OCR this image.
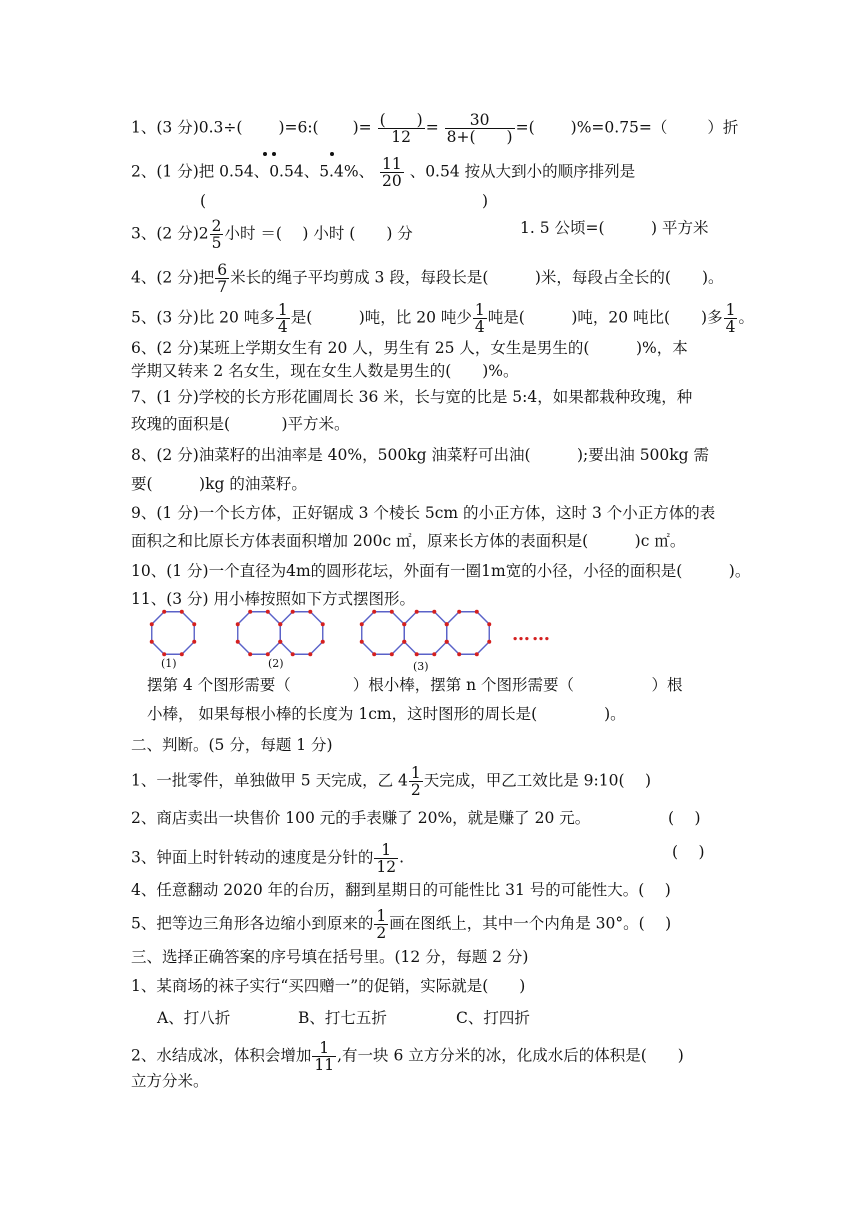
1、(3 分)0.3÷( )=6:( )= (　　)
12
= $\frac{30}{8+( )}$ =( )%=0.75=（	）折
2、(1 分)把 0.54、0.54、5.4%、 $\frac{11}{20}$ 、0.54 按从大到小的顺序排列是
(	)
3、(2 分)$2 \frac{2}{5}$ 小时 ＝(　 ) 小时 (　　) 分	1. 5 公顷=(　　　) 平方米
4、(2 分)把 $\frac{6}{7}$ 米长的绳子平均剪成 3 段，每段长是(　　　)米，每段占全长的(　　)。
5、(3 分)比 20 吨多 $\frac{1}{4}$ 是(　　　)吨，比 20 吨少 $\frac{1}{4}$ 吨是(　　　)吨，20 吨比(　　)多 $\frac{1}{4}$ 。
6、(2 分)某班上学期女生有 20 人，男生有 25 人，女生是男生的(　　　)%，本
学期又转来 2 名女生，现在女生人数是男生的(　　)%。
7、(1 分)学校的长方形花圃周长 36 米，长与宽的比是 5:4，如果都栽种玫瑰，种
玫瑰的面积是(　　　 )平方米。
8、(2 分)油菜籽的出油率是 40%，500kg 油菜籽可出油(　　　);要出油 500kg 需
要(　　　)kg 的油菜籽。
9、(1 分)一个长方体，正好锯成 3 个棱长 5cm 的小正方体，这时 3 个小正方体的表
面积之和比原长方体表面积增加 200c ㎡，原来长方体的表面积是(　　　)c ㎡。
10、(1 分)一个直径为4m的圆形花坛，外面有一圈1m宽的小径，小径的面积是(　　　)。
11、(3 分) 用小棒按照如下方式摆图形。
(1)	(2)	(3)
……
摆第 4 个图形需要（　　　　）根小棒，摆第 n 个图形需要（　　　　　）根
小棒， 如果每根小棒的长度为 1cm，这时图形的周长是(　　　　 )。
二、判断。(5 分，每题 1 分)
1、一批零件，单独做甲 5 天完成，乙 $4 \frac{1}{2}$ 天完成，甲乙工效比是 9:10(　 )
2、商店卖出一块售价 100 元的手表赚了 20%，就是赚了 20 元。	(　 )
3、钟面上时针转动的速度是分针的 $\frac{1}{12}$ .	(　 )
4、任意翻动 2020 年的台历，翻到星期日的可能性比 31 号的可能性大。(　 )
5、把等边三角形各边缩小到原来的 $\frac{1}{2}$ 画在图纸上，其中一个内角是 30°。(　 )
三、选择正确答案的序号填在括号里。(12 分，每题 2 分)
1、某商场的袜子实行“买四赠一”的促销，实际就是(　　)
A、打八折	B、打七五折	C、打四折
2、水结成冰，体积会增加 $\frac{1}{11}$ ,有一块 6 立方分米的冰，化成水后的体积是(　　)
立方分米。
